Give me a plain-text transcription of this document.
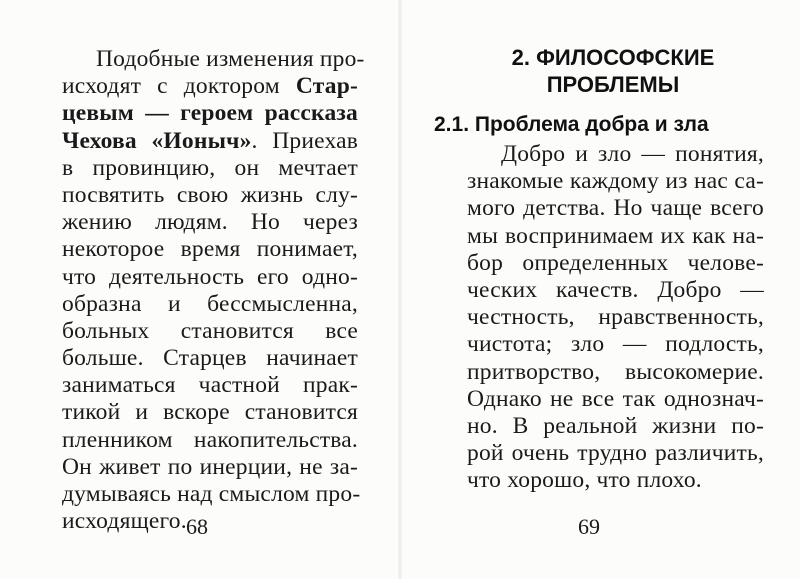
Подобные изменения про-
исходят с доктором Стар-
цевым — героем рассказа
Чехова «Ионыч». Приехав
в провинцию, он мечтает
посвятить свою жизнь слу-
жению людям. Но через
некоторое время понимает,
что деятельность его одно-
образна и бессмысленна,
больных становится все
больше. Старцев начинает
заниматься частной прак-
тикой и вскоре становится
пленником накопительства.
Он живет по инерции, не за-
думываясь над смыслом про-
исходящего. 68
2. ФИЛОСОФСКИЕ
ПРОБЛЕМЫ
2.1. Проблема добра и зла
Добро и зло — понятия,
знакомые каждому из нас са-
мого детства. Но чаще всего
мы воспринимаем их как на-
бор определенных челове-
ческих качеств. Добро —
честность, нравственность,
чистота; зло — подлость,
притворство, высокомерие.
Однако не все так однознач-
но. В реальной жизни по-
рой очень трудно различить,
что хорошо, что плохо.
69
